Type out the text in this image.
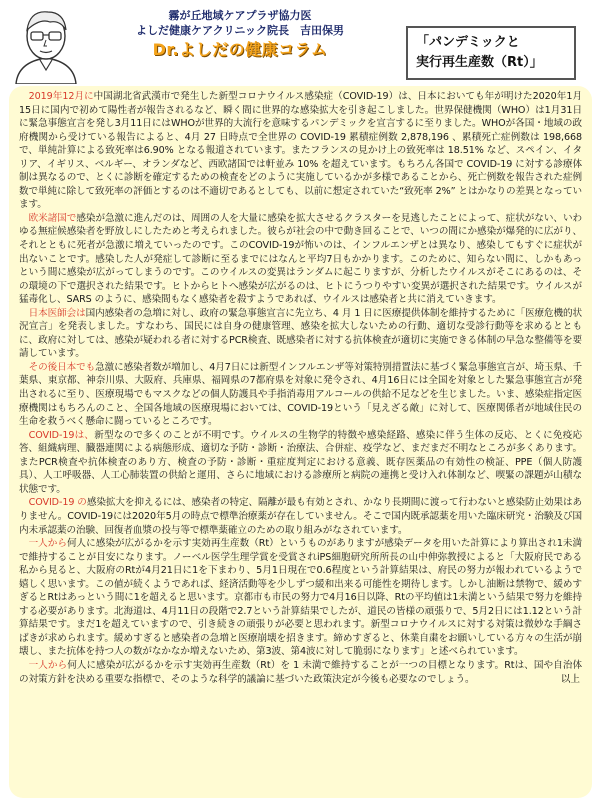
霧が丘地域ケアプラザ協力医
よしだ健康ケアクリニック院長　吉田保男
Dr.よしだの健康コラム	「パンデミックと
実行再生産数（Rt）」

2019年12月に中国湖北省武漢市で発生した新型コロナウイルス感染症（COVID-19）は、日本においても年が明けた2020年1月15日に国内で初めて陽性者が報告されるなど、瞬く間に世界的な感染拡大を引き起こしました。世界保健機関（WHO）は1月31日に緊急事態宣言を発し3月11日にはWHOが世界的大流行を意味するパンデミックを宣言するに至りました。WHOが各国・地域の政府機関から受けている報告によると、4月 27 日時点で全世界の COVID-19 累積症例数 2,878,196 、累積死亡症例数は 198,668 で、単純計算による致死率は6.90% となる報道されています。またフランスの見かけ上の致死率は 18.51% など、スペイン、イタリア、イギリス、ベルギー、オランダなど、西欧諸国では軒並み 10% を超えています。もちろん各国で COVID-19 に対する診療体制は異なるので、とくに診断を確定するための検査をどのように実施しているかが多様であることから、死亡例数を報告された症例数で単純に除して致死率の評価とするのは不適切であるとしても、以前に想定されていた“致死率 2%” とはかなりの差異となっています。

欧米諸国で感染が急激に進んだのは、周囲の人を大量に感染を拡大させるクラスターを見逃したことによって、症状がない、いわゆる無症候感染者を野放しにしたためと考えられました。彼らが社会の中で動き回ることで、いつの間にか感染が爆発的に広がり、それとともに死者が急激に増えていったのです。このCOVID-19が怖いのは、インフルエンザとは異なり、感染してもすぐに症状が出ないことです。感染した人が発症して診断に至るまでにはなんと平均7日もかかります。このために、知らない間に、しかもあっという間に感染が広がってしまうのです。このウイルスの変異はランダムに起こりますが、分析したウイルスがそこにあるのは、その環境の下で選択された結果です。ヒトからヒトへ感染が広がるのは、ヒトにうつりやすい変異が選択された結果です。ウイルスが猛毒化し、SARS のように、感染間もなく感染者を殺すようであれば、ウイルスは感染者と共に消えていきます。

日本医師会は国内感染者の急増に対し、政府の緊急事態宣言に先立ち、4 月 1 日に医療提供体制を維持するために「医療危機的状況宣言」を発表しました。すなわち、国民には自身の健康管理、感染を拡大しないための行動、適切な受診行動等を求めるとともに、政府に対しては、感染が疑われる者に対するPCR検査、既感染者に対する抗体検査が適切に実施できる体制の早急な整備等を要請しています。

その後日本でも急激に感染者数が増加し、4月7日には新型インフルエンザ等対策特別措置法に基づく緊急事態宣言が、埼玉県、千葉県、東京都、神奈川県、大阪府、兵庫県、福岡県の7都府県を対象に発令され、4月16日には全国を対象とした緊急事態宣言が発出されるに至り、医療現場でもマスクなどの個人防護具や手指消毒用アルコールの供給不足などを生じました。いま、感染症指定医療機関はもちろんのこと、全国各地域の医療現場においては、COVID-19という「見えざる敵」に対して、医療関係者が地域住民の生命を救うべく懸命に闘っているところです。

COVID-19は、新型なので多くのことが不明です。ウイルスの生物学的特徴や感染経路、感染に伴う生体の反応、とくに免疫応答、組織病理、臓器連関による病態形成、適切な予防・診断・治療法、合併症、疫学など、まだまだ不明なところが多くあります。またPCR検査や抗体検査のあり方、検査の予防・診断・重症度判定における意義、既存医薬品の有効性の検証、PPE（個人防護具）、人工呼吸器、人工心肺装置の供給と運用、さらに地域における診療所と病院の連携と受け入れ体制など、喫緊の課題が山積な状態です。

COVID-19 の感染拡大を抑えるには、感染者の特定、隔離が最も有効とされ、かなり長期間に渡って行わないと感染防止効果はありません。COVID-19には2020年5月の時点で標準治療薬が存在していません。そこで国内既承認薬を用いた臨床研究・治験及び国内未承認薬の治験、回復者血漿の投与等で標準薬確立のための取り組みがなされています。

一人から何人に感染が広がるかを示す実効再生産数（Rt）というものがありますが感染データを用いた計算により算出され1未満で維持することが目安になります。ノーベル医学生理学賞を受賞されiPS細胞研究所所長の山中伸弥教授によると「大阪府民である私から見ると、大阪府のRtが4月21日に1を下まわり、5月1日現在で0.6程度という計算結果は、府民の努力が報われているようで嬉しく思います。この値が続くようであれば、経済活動等を少しずつ緩和出来る可能性を期待します。しかし油断は禁物で、緩めすぎるとRtはあっという間に1を超えると思います。京都市も市民の努力で4月16日以降、Rtの平均値は1未満という結果で努力を維持する必要があります。北海道は、4月11日の段階で2.7という計算結果でしたが、道民の皆様の頑張りで、5月2日には1.12という計算結果です。まだ1を超えていますので、引き続きの頑張りが必要と思われます。新型コロナウイルスに対する対策は微妙な手綱さばきが求められます。緩めすぎると感染者の急増と医療崩壊を招きます。締めすぎると、休業自粛をお願いしている方々の生活が崩壊し、また抗体を持つ人の数がなかなか増えないため、第3波、第4波に対して脆弱になります」と述べられています。

一人から何人に感染が広がるかを示す実効再生産数（Rt）を 1 未満で維持することが一つの目標となります。Rtは、国や自治体の対策方針を決める重要な指標で、そのような科学的議論に基づいた政策決定が今後も必要なのでしょう。	以上
